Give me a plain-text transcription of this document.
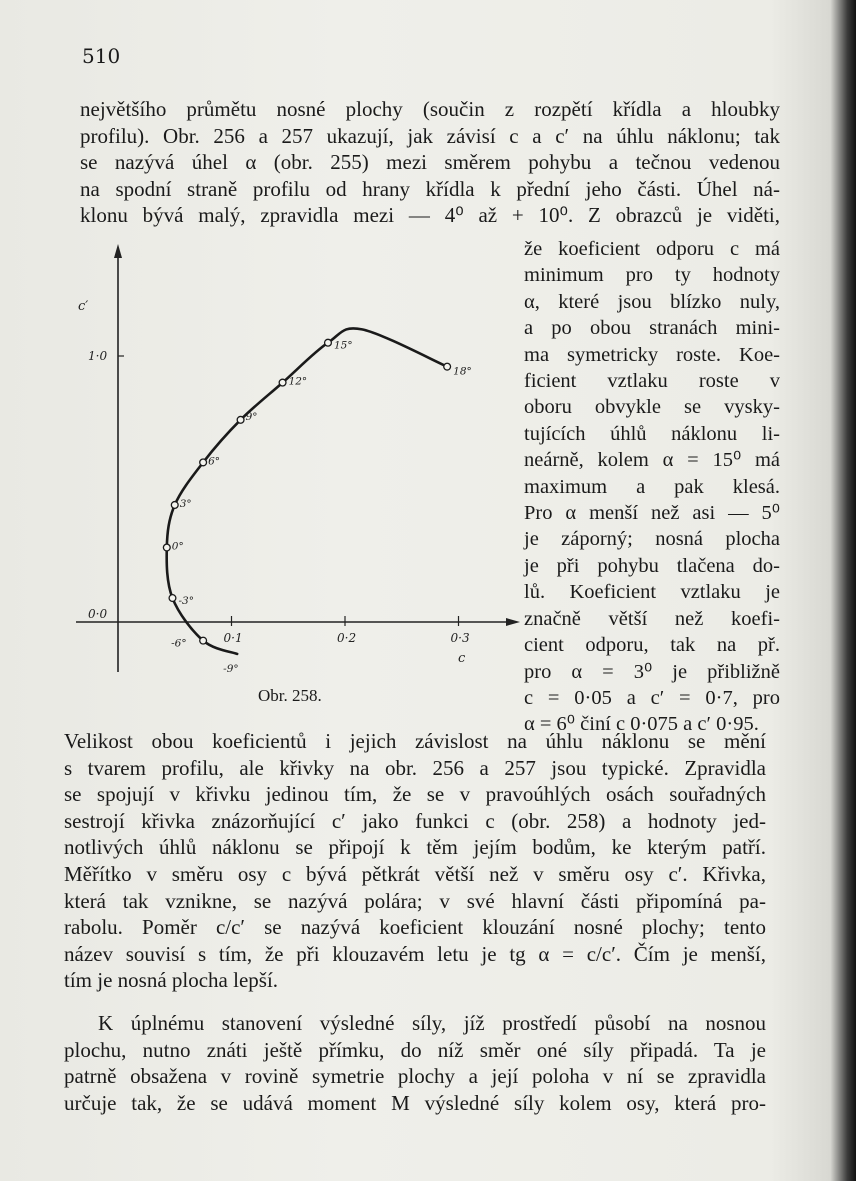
510
největšího průmětu nosné plochy (součin z rozpětí křídla a hloubky
profilu). Obr. 256 a 257 ukazují, jak závisí c a c′ na úhlu náklonu; tak
se nazývá úhel α (obr. 255) mezi směrem pohybu a tečnou vedenou
na spodní straně profilu od hrany křídla k přední jeho části. Úhel ná-
klonu bývá malý, zpravidla mezi — 4⁰ až + 10⁰. Z obrazců je viděti,
c′
c
0·0
0·1	0·2	0·3
1·0
-9°
-6°
-3°
0°
3°
6°
9°
12°
15°
18°
Obr. 258.
že koeficient odporu c má
minimum pro ty hodnoty
α, které jsou blízko nuly,
a po obou stranách mini-
ma symetricky roste. Koe-
ficient vztlaku roste v
oboru obvykle se vysky-
tujících úhlů náklonu li-
neárně, kolem α = 15⁰ má
maximum a pak klesá.
Pro α menší než asi — 5⁰
je záporný; nosná plocha
je při pohybu tlačena do-
lů. Koeficient vztlaku je
značně větší než koefi-
cient odporu, tak na př.
pro α = 3⁰ je přibližně
c = 0·05 a c′ = 0·7, pro
α = 6⁰ činí c 0·075 a c′ 0·95.
Velikost obou koeficientů i jejich závislost na úhlu náklonu se mění
s tvarem profilu, ale křivky na obr. 256 a 257 jsou typické. Zpravidla
se spojují v křivku jedinou tím, že se v pravoúhlých osách souřadných
sestrojí křivka znázorňující c′ jako funkci c (obr. 258) a hodnoty jed-
notlivých úhlů náklonu se připojí k těm jejím bodům, ke kterým patří.
Měřítko v směru osy c bývá pětkrát větší než v směru osy c′. Křivka,
která tak vznikne, se nazývá polára; v své hlavní části připomíná pa-
rabolu. Poměr c/c′ se nazývá koeficient klouzání nosné plochy; tento
název souvisí s tím, že při klouzavém letu je tg α = c/c′. Čím je menší,
tím je nosná plocha lepší.
K úplnému stanovení výsledné síly, jíž prostředí působí na nosnou
plochu, nutno znáti ještě přímku, do níž směr oné síly připadá. Ta je
patrně obsažena v rovině symetrie plochy a její poloha v ní se zpravidla
určuje tak, že se udává moment M výsledné síly kolem osy, která pro-
